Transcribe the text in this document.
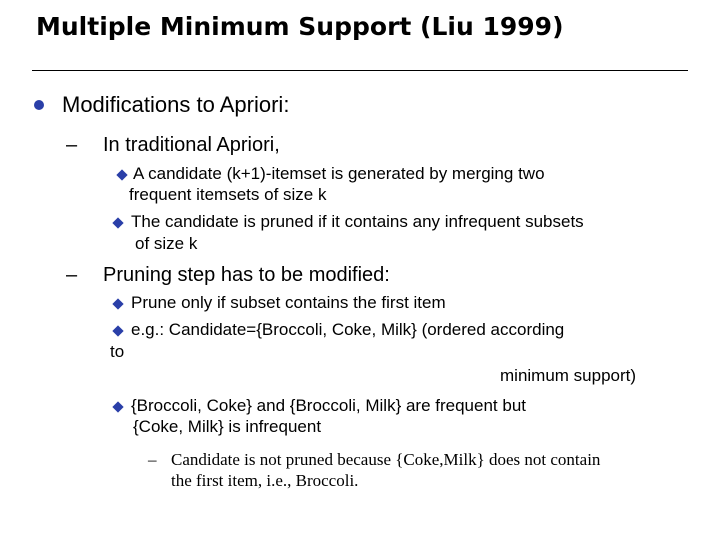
Multiple Minimum Support (Liu 1999)
Modifications to Apriori:
– In traditional Apriori,
A candidate (k+1)-itemset is generated by merging two
frequent itemsets of size k
The candidate is pruned if it contains any infrequent subsets
of size k
– Pruning step has to be modified:
Prune only if subset contains the first item
e.g.: Candidate={Broccoli, Coke, Milk} (ordered according
to
minimum support)
{Broccoli, Coke} and {Broccoli, Milk} are frequent but
{Coke, Milk} is infrequent
– Candidate is not pruned because {Coke,Milk} does not contain
the first item, i.e., Broccoli.
